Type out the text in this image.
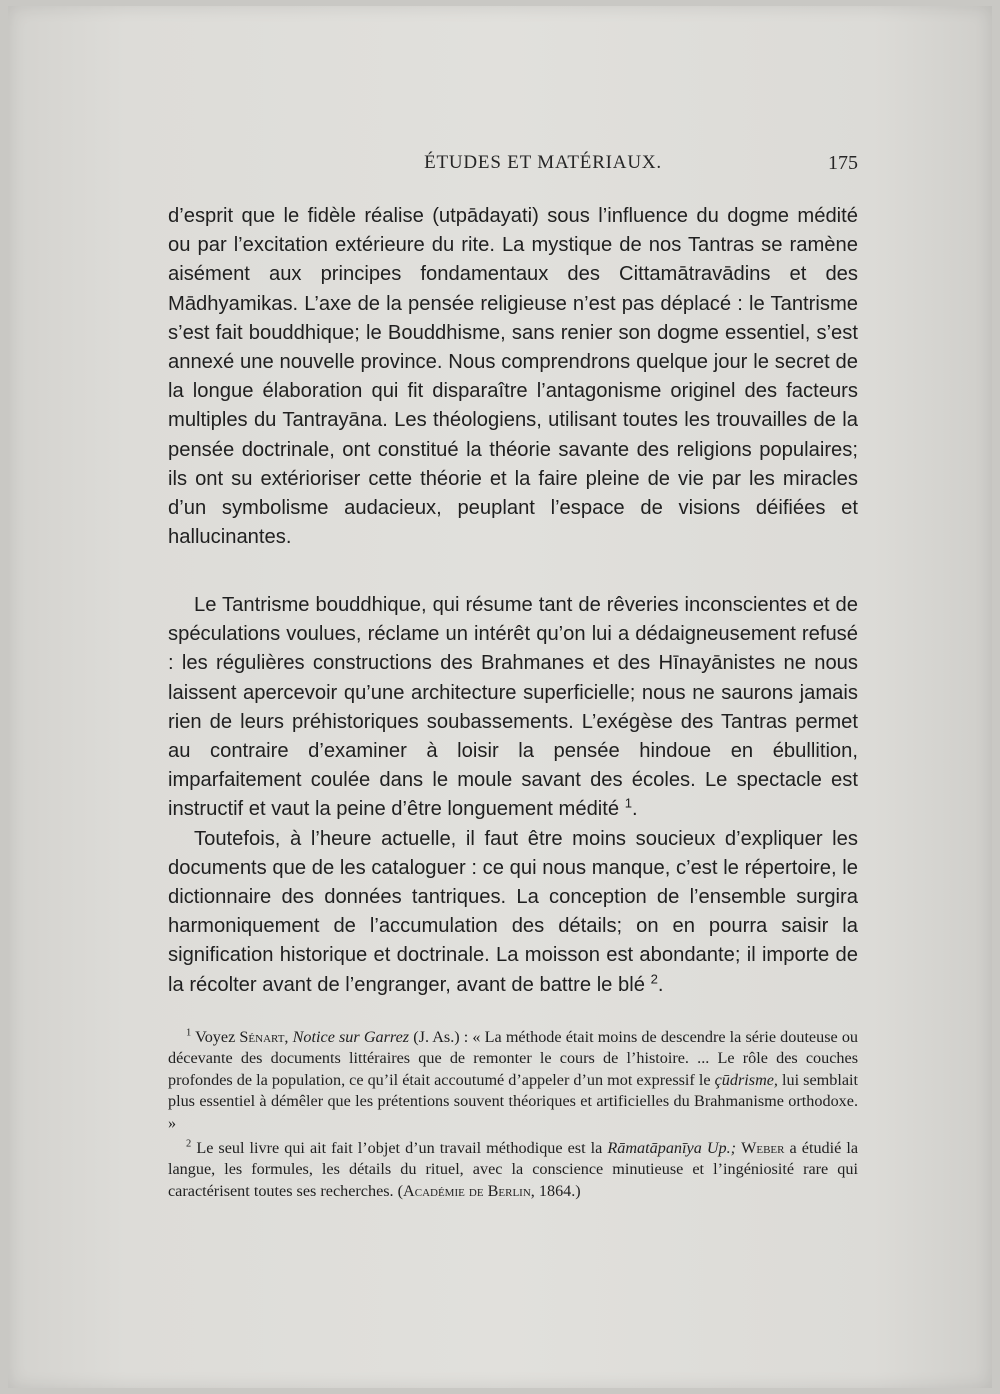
ÉTUDES ET MATÉRIAUX.	175

d’esprit que le fidèle réalise (utpādayati) sous l’influence du dogme médité ou par l’excitation extérieure du rite. La mystique de nos Tantras se ramène aisément aux principes fondamentaux des Cittamātravādins et des Mādhyamikas. L’axe de la pensée religieuse n’est pas déplacé : le Tantrisme s’est fait bouddhique; le Bouddhisme, sans renier son dogme essentiel, s’est annexé une nouvelle province. Nous comprendrons quelque jour le secret de la longue élaboration qui fit disparaître l’antagonisme originel des facteurs multiples du Tantrayāna. Les théologiens, utilisant toutes les trouvailles de la pensée doctrinale, ont constitué la théorie savante des religions populaires; ils ont su extérioriser cette théorie et la faire pleine de vie par les miracles d’un symbolisme audacieux, peuplant l’espace de visions déifiées et hallucinantes.

Le Tantrisme bouddhique, qui résume tant de rêveries inconscientes et de spéculations voulues, réclame un intérêt qu’on lui a dédaigneusement refusé : les régulières constructions des Brahmanes et des Hīnayānistes ne nous laissent apercevoir qu’une architecture superficielle; nous ne saurons jamais rien de leurs préhistoriques soubassements. L’exégèse des Tantras permet au contraire d’examiner à loisir la pensée hindoue en ébullition, imparfaitement coulée dans le moule savant des écoles. Le spectacle est instructif et vaut la peine d’être longuement médité $^1$.

Toutefois, à l’heure actuelle, il faut être moins soucieux d’expliquer les documents que de les cataloguer : ce qui nous manque, c’est le répertoire, le dictionnaire des données tantriques. La conception de l’ensemble surgira harmoniquement de l’accumulation des détails; on en pourra saisir la signification historique et doctrinale. La moisson est abondante; il importe de la récolter avant de l’engranger, avant de battre le blé $^2$.

$^1$ Voyez Sénart, Notice sur Garrez (J. As.) : « La méthode était moins de descendre la série douteuse ou décevante des documents littéraires que de remonter le cours de l’histoire. ... Le rôle des couches profondes de la population, ce qu’il était accoutumé d’appeler d’un mot expressif le çūdrisme, lui semblait plus essentiel à démêler que les prétentions souvent théoriques et artificielles du Brahmanisme orthodoxe. »

$^2$ Le seul livre qui ait fait l’objet d’un travail méthodique est la Rāmatāpanīya Up.; Weber a étudié la langue, les formules, les détails du rituel, avec la conscience minutieuse et l’ingéniosité rare qui caractérisent toutes ses recherches. (Académie de Berlin, 1864.)
